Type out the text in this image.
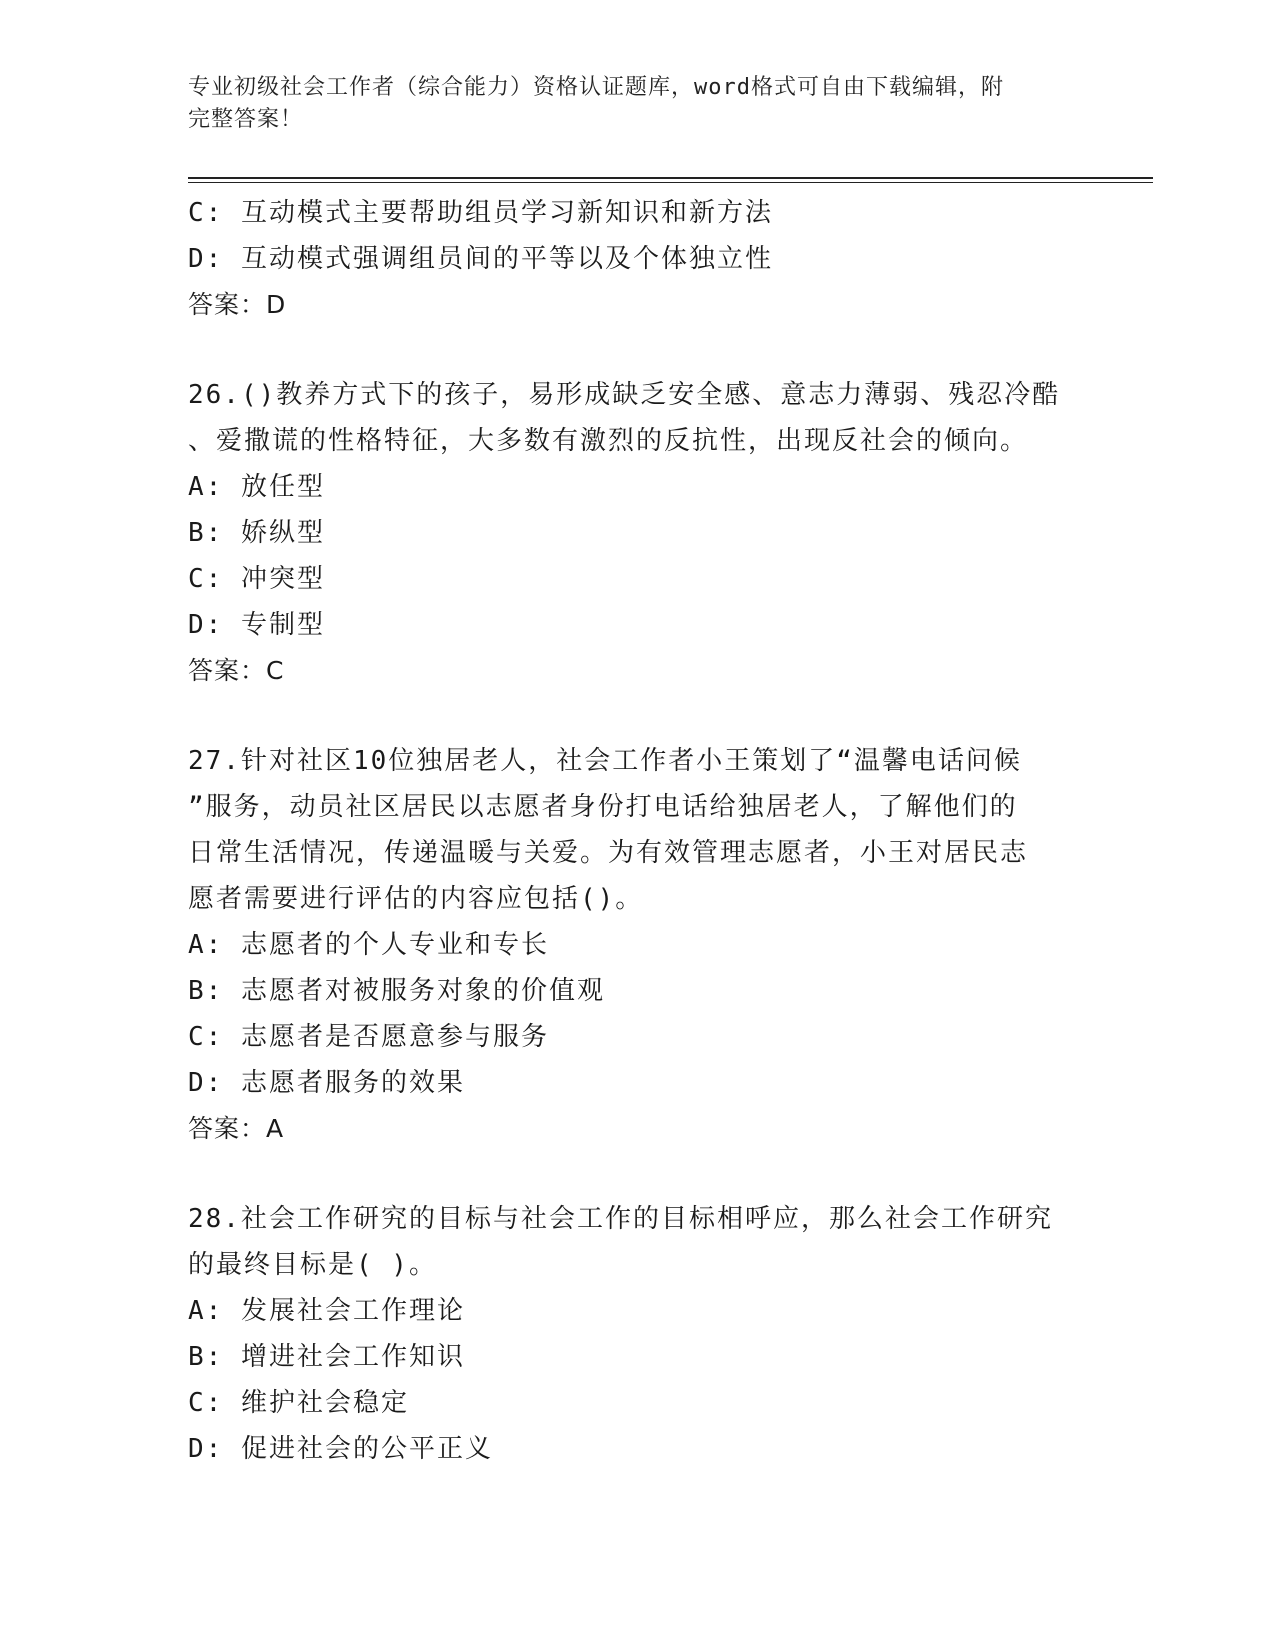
专业初级社会工作者（综合能力）资格认证题库，word格式可自由下载编辑，附
完整答案！
C: 互动模式主要帮助组员学习新知识和新方法
D: 互动模式强调组员间的平等以及个体独立性
答案：D
26.()教养方式下的孩子，易形成缺乏安全感、意志力薄弱、残忍冷酷
、爱撒谎的性格特征，大多数有激烈的反抗性，出现反社会的倾向。
A: 放任型
B: 娇纵型
C: 冲突型
D: 专制型
答案：C
27.针对社区10位独居老人，社会工作者小王策划了“温馨电话问候
”服务，动员社区居民以志愿者身份打电话给独居老人，了解他们的
日常生活情况，传递温暖与关爱。为有效管理志愿者，小王对居民志
愿者需要进行评估的内容应包括()。
A: 志愿者的个人专业和专长
B: 志愿者对被服务对象的价值观
C: 志愿者是否愿意参与服务
D: 志愿者服务的效果
答案：A
28.社会工作研究的目标与社会工作的目标相呼应，那么社会工作研究
的最终目标是( )。
A: 发展社会工作理论
B: 增进社会工作知识
C: 维护社会稳定
D: 促进社会的公平正义
